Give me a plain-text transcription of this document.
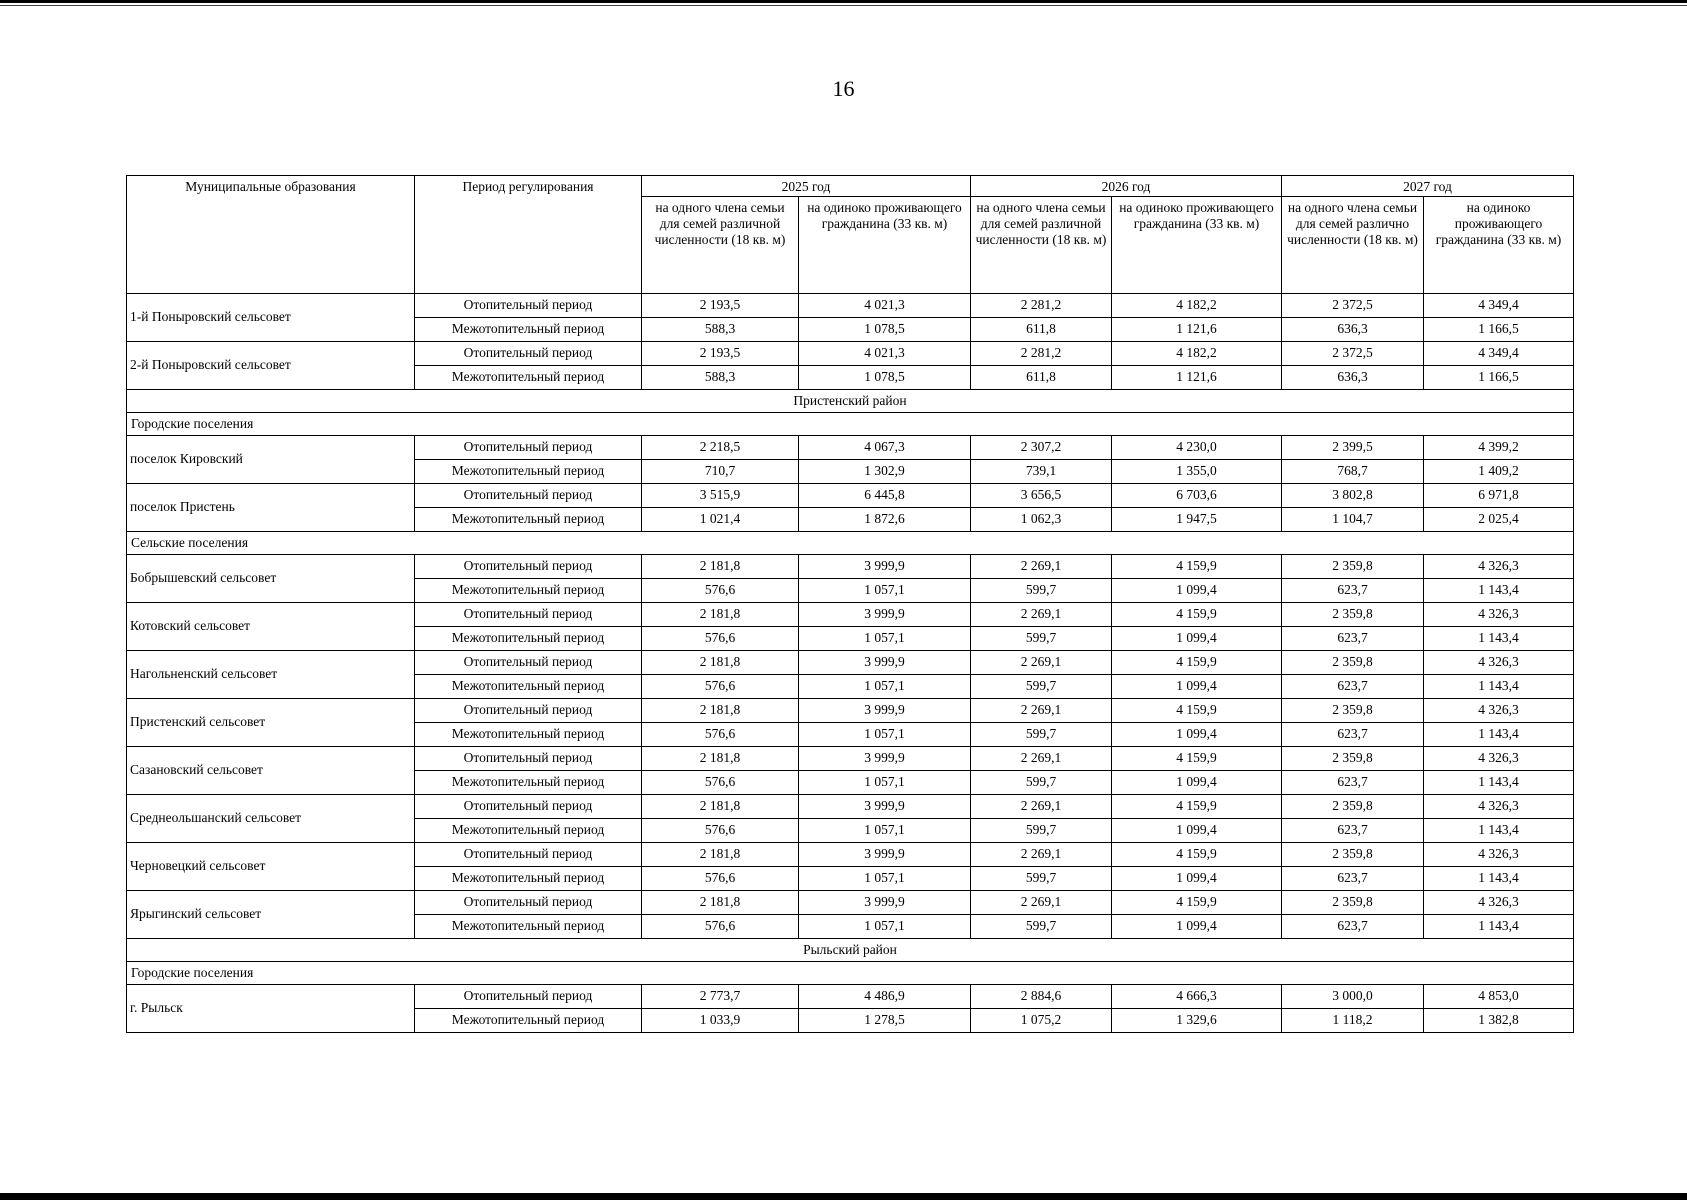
16
Муниципальные образования	Период регулирования	2025 год		2026 год		2027 год	

		на одного члена семьи для семей различной численности (18 кв. м)	на одиноко проживающего гражданина (33 кв. м)	на одного члена семьи для семей различной численности (18 кв. м)	на одиноко проживающего гражданина (33 кв. м)	на одного члена семьи для семей различно численности (18 кв. м)	на одиноко проживающего гражданина (33 кв. м)

1-й Поныровский сельсовет	Отопительный период	2 193,5	4 021,3	2 281,2	4 182,2	2 372,5	4 349,4
	Межотопительный период	588,3	1 078,5	611,8	1 121,6	636,3	1 166,5
2-й Поныровский сельсовет	Отопительный период	2 193,5	4 021,3	2 281,2	4 182,2	2 372,5	4 349,4
	Межотопительный период	588,3	1 078,5	611,8	1 121,6	636,3	1 166,5
Пристенский район							
Городские поселения							
поселок Кировский	Отопительный период	2 218,5	4 067,3	2 307,2	4 230,0	2 399,5	4 399,2
	Межотопительный период	710,7	1 302,9	739,1	1 355,0	768,7	1 409,2
поселок Пристень	Отопительный период	3 515,9	6 445,8	3 656,5	6 703,6	3 802,8	6 971,8
	Межотопительный период	1 021,4	1 872,6	1 062,3	1 947,5	1 104,7	2 025,4
Сельские поселения							
Бобрышевский сельсовет	Отопительный период	2 181,8	3 999,9	2 269,1	4 159,9	2 359,8	4 326,3
	Межотопительный период	576,6	1 057,1	599,7	1 099,4	623,7	1 143,4
Котовский сельсовет	Отопительный период	2 181,8	3 999,9	2 269,1	4 159,9	2 359,8	4 326,3
	Межотопительный период	576,6	1 057,1	599,7	1 099,4	623,7	1 143,4
Нагольненский сельсовет	Отопительный период	2 181,8	3 999,9	2 269,1	4 159,9	2 359,8	4 326,3
	Межотопительный период	576,6	1 057,1	599,7	1 099,4	623,7	1 143,4
Пристенский сельсовет	Отопительный период	2 181,8	3 999,9	2 269,1	4 159,9	2 359,8	4 326,3
	Межотопительный период	576,6	1 057,1	599,7	1 099,4	623,7	1 143,4
Сазановский сельсовет	Отопительный период	2 181,8	3 999,9	2 269,1	4 159,9	2 359,8	4 326,3
	Межотопительный период	576,6	1 057,1	599,7	1 099,4	623,7	1 143,4
Среднеольшанский сельсовет	Отопительный период	2 181,8	3 999,9	2 269,1	4 159,9	2 359,8	4 326,3
	Межотопительный период	576,6	1 057,1	599,7	1 099,4	623,7	1 143,4
Черновецкий сельсовет	Отопительный период	2 181,8	3 999,9	2 269,1	4 159,9	2 359,8	4 326,3
	Межотопительный период	576,6	1 057,1	599,7	1 099,4	623,7	1 143,4
Ярыгинский сельсовет	Отопительный период	2 181,8	3 999,9	2 269,1	4 159,9	2 359,8	4 326,3
	Межотопительный период	576,6	1 057,1	599,7	1 099,4	623,7	1 143,4
Рыльский район							
Городские поселения							
г. Рыльск	Отопительный период	2 773,7	4 486,9	2 884,6	4 666,3	3 000,0	4 853,0
	Межотопительный период	1 033,9	1 278,5	1 075,2	1 329,6	1 118,2	1 382,8
